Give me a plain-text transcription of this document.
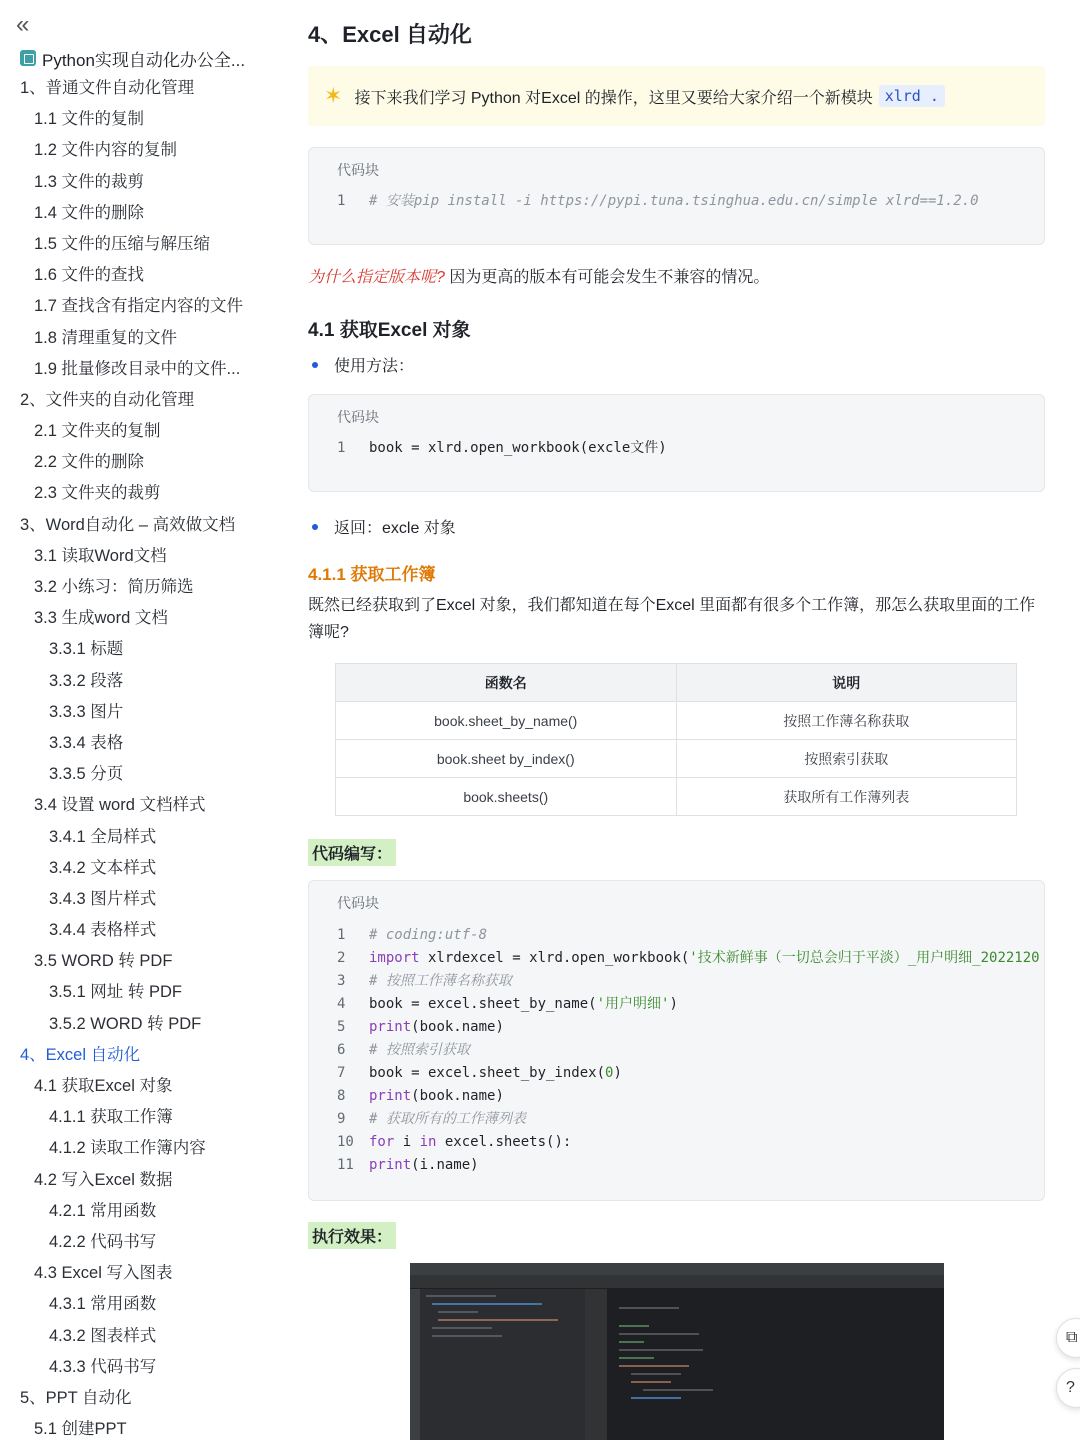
«
Python实现自动化办公全...
1、普通文件自动化管理
1.1 文件的复制
1.2 文件内容的复制
1.3 文件的裁剪
1.4 文件的删除
1.5 文件的压缩与解压缩
1.6 文件的查找
1.7 查找含有指定内容的文件
1.8 清理重复的文件
1.9 批量修改目录中的文件...
2、文件夹的自动化管理
2.1 文件夹的复制
2.2 文件的删除
2.3 文件夹的裁剪
3、Word自动化 – 高效做文档
3.1 读取Word文档
3.2 小练习：简历筛选
3.3 生成word 文档
3.3.1 标题
3.3.2 段落
3.3.3 图片
3.3.4 表格
3.3.5 分页
3.4 设置 word 文档样式
3.4.1 全局样式
3.4.2 文本样式
3.4.3 图片样式
3.4.4 表格样式
3.5 WORD 转 PDF
3.5.1 网址 转 PDF
3.5.2 WORD 转 PDF
4、Excel 自动化
4.1 获取Excel 对象
4.1.1 获取工作簿
4.1.2 读取工作簿内容
4.2 写入Excel 数据
4.2.1 常用函数
4.2.2 代码书写
4.3 Excel 写入图表
4.3.1 常用函数
4.3.2 图表样式
4.3.3 代码书写
5、PPT 自动化
5.1 创建PPT
4、Excel 自动化
✶ 接下来我们学习 Python 对Excel 的操作，这里又要给大家介绍一个新模块 xlrd .
代码块
1 # 安装pip install -i https://pypi.tuna.tsinghua.edu.cn/simple xlrd==1.2.0
为什么指定版本呢? 因为更高的版本有可能会发生不兼容的情况。
4.1 获取Excel 对象
使用方法：
代码块
1 book = xlrd.open_workbook(excle文件)
返回：excle 对象
4.1.1 获取工作簿
既然已经获取到了Excel 对象，我们都知道在每个Excel 里面都有很多个工作簿，那怎么获取里面的工作簿呢?
函数名	说明
book.sheet_by_name()	按照工作薄名称获取
book.sheet by_index()	按照索引获取
book.sheets()	获取所有工作薄列表
代码编写：
代码块
1 # coding:utf-8
2 import xlrdexcel = xlrd.open_workbook('技术新鲜事（一切总会归于平淡）_用户明细_2022120
3 # 按照工作薄名称获取
4 book = excel.sheet_by_name('用户明细')
5 print(book.name)
6 # 按照索引获取
7 book = excel.sheet_by_index(0)
8 print(book.name)
9 # 获取所有的工作薄列表
10 for i in excel.sheets():
11 print(i.name)
执行效果：
⧉
?
